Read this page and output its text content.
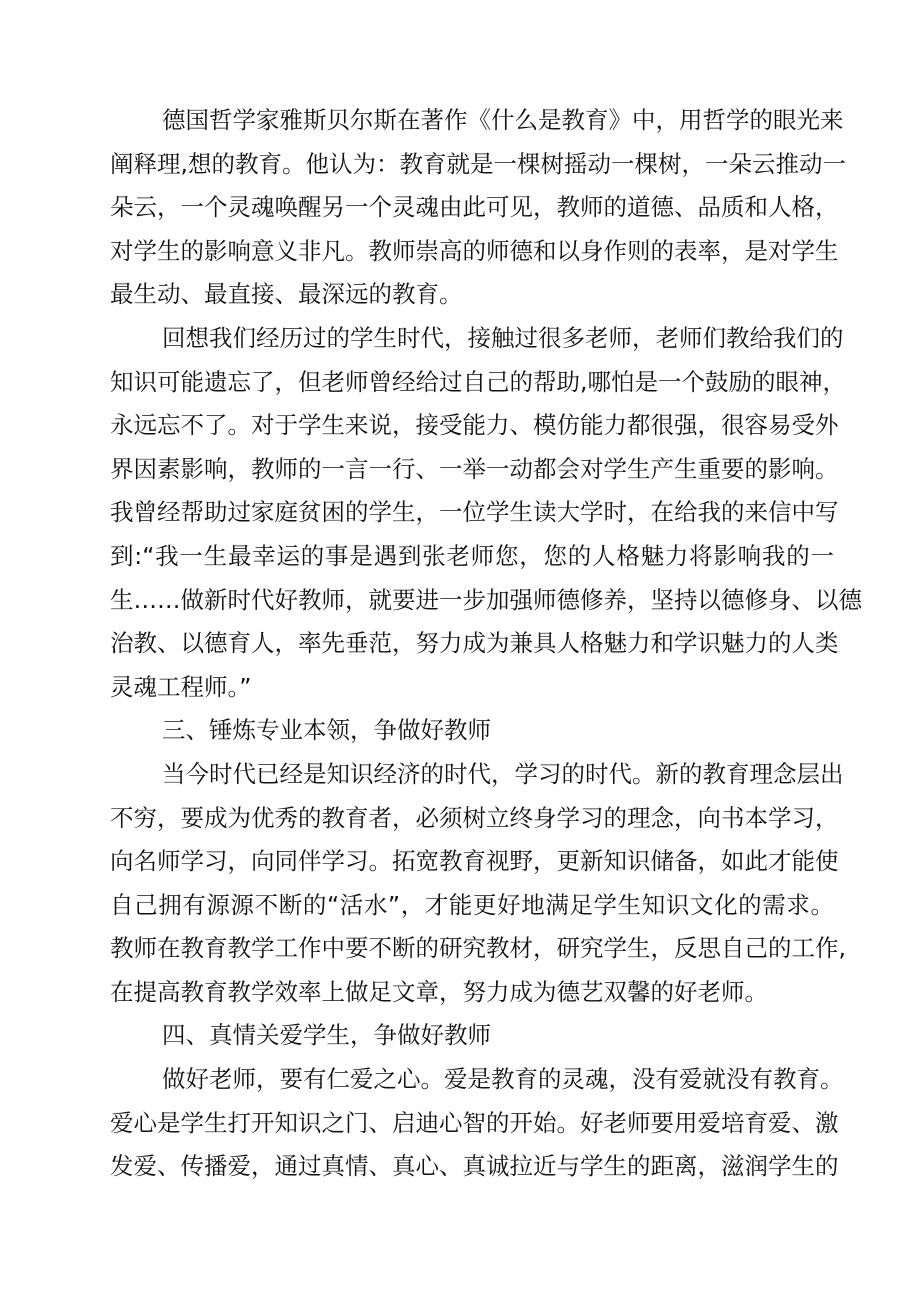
德国哲学家雅斯贝尔斯在著作《什么是教育》中，用哲学的眼光来
阐释理,想的教育。他认为：教育就是一棵树摇动一棵树，一朵云推动一
朵云，一个灵魂唤醒另一个灵魂由此可见，教师的道德、品质和人格，
对学生的影响意义非凡。教师崇高的师德和以身作则的表率，是对学生
最生动、最直接、最深远的教育。
回想我们经历过的学生时代，接触过很多老师，老师们教给我们的
知识可能遗忘了，但老师曾经给过自己的帮助,哪怕是一个鼓励的眼神，
永远忘不了。对于学生来说，接受能力、模仿能力都很强，很容易受外
界因素影响，教师的一言一行、一举一动都会对学生产生重要的影响。
我曾经帮助过家庭贫困的学生，一位学生读大学时，在给我的来信中写
到:“我一生最幸运的事是遇到张老师您，您的人格魅力将影响我的一
生……做新时代好教师，就要进一步加强师德修养，坚持以德修身、以德
治教、以德育人，率先垂范，努力成为兼具人格魅力和学识魅力的人类
灵魂工程师。”
三、锤炼专业本领，争做好教师
当今时代已经是知识经济的时代，学习的时代。新的教育理念层出
不穷，要成为优秀的教育者，必须树立终身学习的理念，向书本学习，
向名师学习，向同伴学习。拓宽教育视野，更新知识储备，如此才能使
自己拥有源源不断的“活水”，才能更好地满足学生知识文化的需求。
教师在教育教学工作中要不断的研究教材，研究学生，反思自己的工作,
在提高教育教学效率上做足文章，努力成为德艺双馨的好老师。
四、真情关爱学生，争做好教师
做好老师，要有仁爱之心。爱是教育的灵魂，没有爱就没有教育。
爱心是学生打开知识之门、启迪心智的开始。好老师要用爱培育爱、激
发爱、传播爱，通过真情、真心、真诚拉近与学生的距离，滋润学生的
